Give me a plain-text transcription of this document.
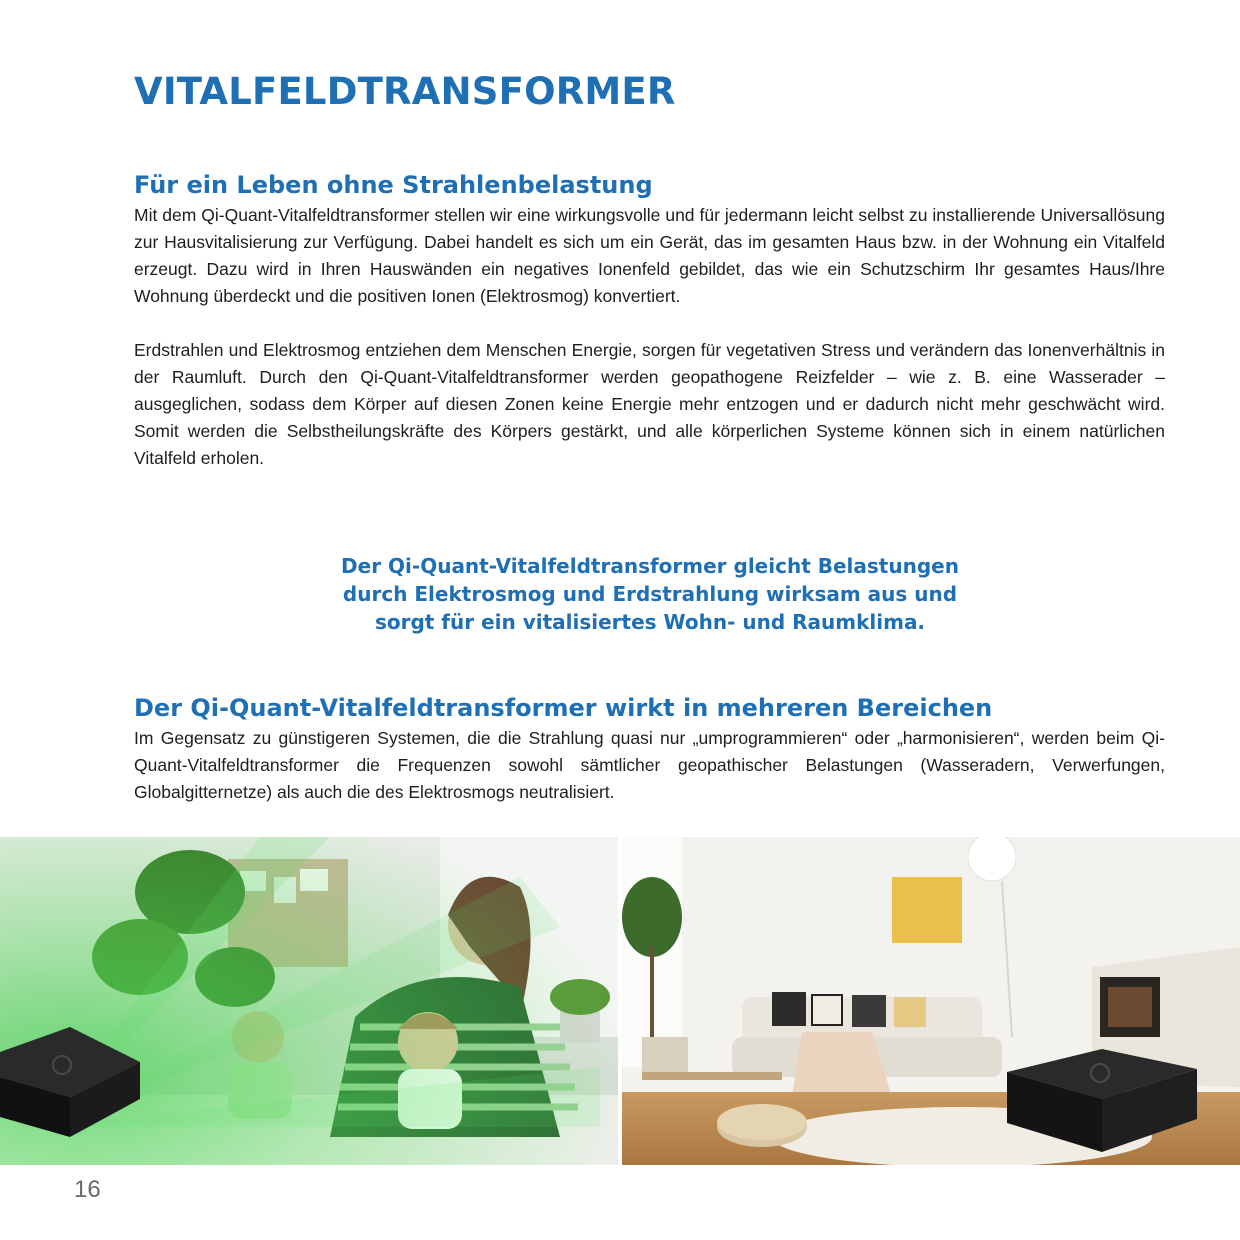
VITALFELDTRANSFORMER
Für ein Leben ohne Strahlenbelastung

Mit dem Qi-Quant-Vitalfeldtransformer stellen wir eine wirkungsvolle und für jedermann leicht selbst zu installierende Universallösung zur Hausvitalisierung zur Verfügung. Dabei handelt es sich um ein Gerät, das im gesamten Haus bzw. in der Wohnung ein Vitalfeld erzeugt. Dazu wird in Ihren Hauswänden ein negatives Ionenfeld gebildet, das wie ein Schutzschirm Ihr gesamtes Haus/Ihre Wohnung überdeckt und die positiven Ionen (Elektrosmog) konvertiert.

Erdstrahlen und Elektrosmog entziehen dem Menschen Energie, sorgen für vegetativen Stress und verändern das Ionenverhältnis in der Raumluft. Durch den Qi-Quant-Vitalfeldtransformer werden geopathogene Reizfelder – wie z. B. eine Wasserader – ausgeglichen, sodass dem Körper auf diesen Zonen keine Energie mehr entzogen und er dadurch nicht mehr geschwächt wird. Somit werden die Selbstheilungskräfte des Körpers gestärkt, und alle körperlichen Systeme können sich in einem natürlichen Vitalfeld erholen.

Der Qi-Quant-Vitalfeldtransformer gleicht Belastungen
durch Elektrosmog und Erdstrahlung wirksam aus und
sorgt für ein vitalisiertes Wohn- und Raumklima.
Der Qi-Quant-Vitalfeldtransformer wirkt in mehreren Bereichen

Im Gegensatz zu günstigeren Systemen, die die Strahlung quasi nur „umprogrammieren“ oder „harmonisieren“, werden beim Qi-Quant-Vitalfeldtransformer die Frequenzen sowohl sämtlicher geopathischer Belastungen (Wasseradern, Verwerfungen, Globalgitternetze) als auch die des Elektrosmogs neutralisiert.

16
